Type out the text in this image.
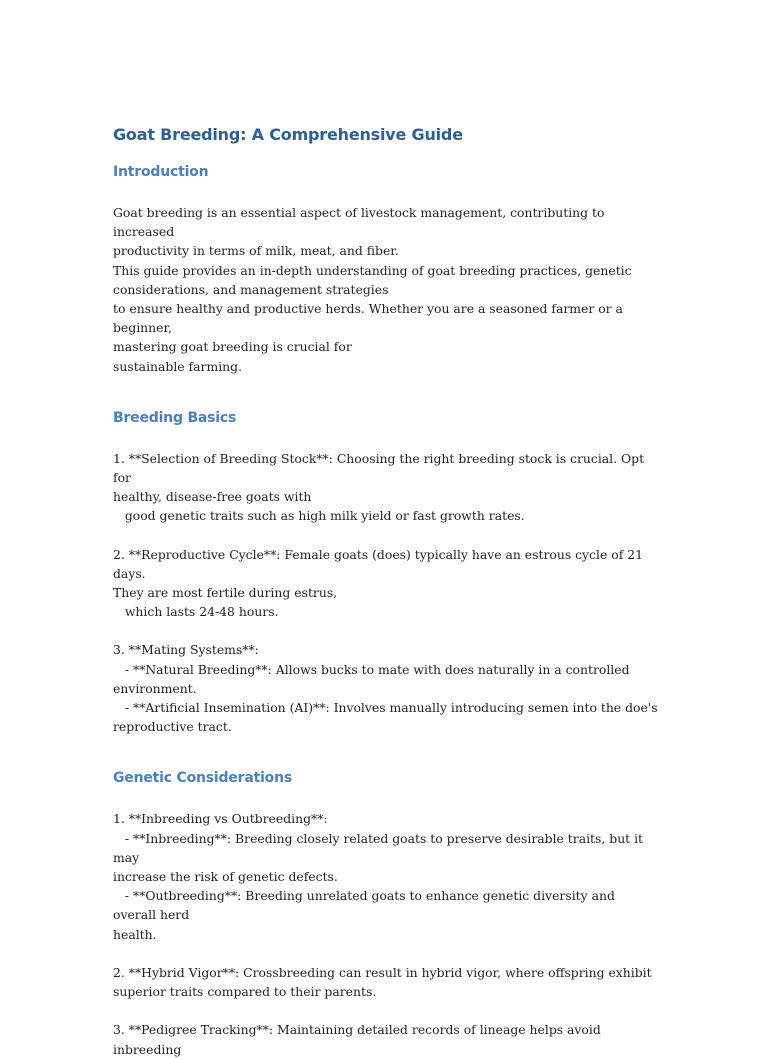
Goat Breeding: A Comprehensive Guide
Introduction

Goat breeding is an essential aspect of livestock management, contributing to increased
productivity in terms of milk, meat, and fiber.
This guide provides an in-depth understanding of goat breeding practices, genetic
considerations, and management strategies
to ensure healthy and productive herds. Whether you are a seasoned farmer or a beginner,
mastering goat breeding is crucial for
sustainable farming.

Breeding Basics

1. **Selection of Breeding Stock**: Choosing the right breeding stock is crucial. Opt for
healthy, disease-free goats with
good genetic traits such as high milk yield or fast growth rates.

2. **Reproductive Cycle**: Female goats (does) typically have an estrous cycle of 21 days.
They are most fertile during estrus,
which lasts 24-48 hours.

3. **Mating Systems**:
- **Natural Breeding**: Allows bucks to mate with does naturally in a controlled
environment.
- **Artificial Insemination (AI)**: Involves manually introducing semen into the doe's
reproductive tract.

Genetic Considerations

1. **Inbreeding vs Outbreeding**:
- **Inbreeding**: Breeding closely related goats to preserve desirable traits, but it may
increase the risk of genetic defects.
- **Outbreeding**: Breeding unrelated goats to enhance genetic diversity and overall herd
health.

2. **Hybrid Vigor**: Crossbreeding can result in hybrid vigor, where offspring exhibit
superior traits compared to their parents.

3. **Pedigree Tracking**: Maintaining detailed records of lineage helps avoid inbreeding
